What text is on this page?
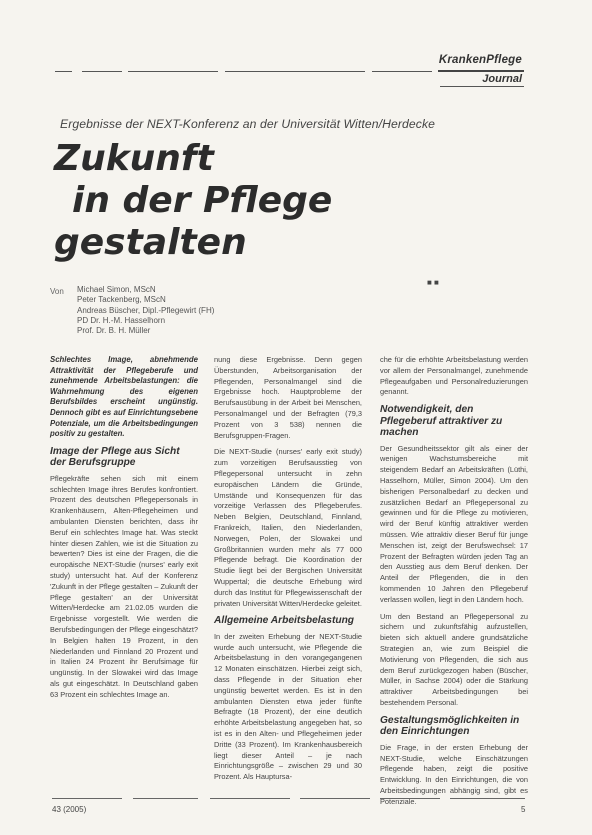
KrankenPflege
Journal
Ergebnisse der NEXT-Konferenz an der Universität Witten/Herdecke
Zukunft
in der Pflege
gestalten
■ ■
Von Michael Simon, MScN
Peter Tackenberg, MScN
Andreas Büscher, Dipl.-Pflegewirt (FH)
PD Dr. H.-M. Hasselhorn
Prof. Dr. B. H. Müller

Schlechtes Image, abnehmende Attraktivität der Pflegeberufe und zunehmende Arbeitsbelastungen: die Wahrnehmung des eigenen Berufsbildes erscheint ungünstig. Dennoch gibt es auf Einrichtungsebene Potenziale, um die Arbeitsbedingungen positiv zu gestalten.

Image der Pflege aus Sicht der Berufsgruppe

Pflegekräfte sehen sich mit einem schlechten Image ihres Berufes konfrontiert. Prozent des deutschen Pflegepersonals in Krankenhäusern, Alten-Pflegeheimen und ambulanten Diensten berichten, dass ihr Beruf ein schlechtes Image hat. Was steckt hinter diesen Zahlen, wie ist die Situation zu bewerten? Dies ist eine der Fragen, die die europäische NEXT-Studie (nurses' early exit study) untersucht hat. Auf der Konferenz 'Zukunft in der Pflege gestalten – Zukunft der Pflege gestalten' an der Universität Witten/Herdecke am 21.02.05 wurden die Ergebnisse vorgestellt. Wie werden die Berufsbedingungen der Pflege eingeschätzt? In Belgien halten 19 Prozent, in den Niederlanden und Finnland 20 Prozent und in Italien 24 Prozent ihr Berufsimage für ungünstig. In der Slowakei wird das Image als gut eingeschätzt. In Deutschland gaben 63 Prozent ein schlechtes Image an.

nung diese Ergebnisse. Denn gegen Überstunden, Arbeitsorganisation der Pflegenden, Personalmangel sind die Ergebnisse hoch. Hauptprobleme der Berufsausübung in der Arbeit bei Menschen, Personalmangel und der Befragten (79,3 Prozent von 3 538) nennen die Berufsgruppen-Fragen.

Die NEXT-Studie (nurses' early exit study) zum vorzeitigen Berufsausstieg von Pflegepersonal untersucht in zehn europäischen Ländern die Gründe, Umstände und Konsequenzen für das vorzeitige Verlassen des Pflegeberufes. Neben Belgien, Deutschland, Finnland, Frankreich, Italien, den Niederlanden, Norwegen, Polen, der Slowakei und Großbritannien wurden mehr als 77 000 Pflegende befragt. Die Koordination der Studie liegt bei der Bergischen Universität Wuppertal; die deutsche Erhebung wird durch das Institut für Pflegewissenschaft der privaten Universität Witten/Herdecke geleitet.

Allgemeine Arbeitsbelastung

In der zweiten Erhebung der NEXT-Studie wurde auch untersucht, wie Pflegende die Arbeitsbelastung in den vorangegangenen 12 Monaten einschätzen. Hierbei zeigt sich, dass Pflegende in der Situation eher ungünstig bewertet werden. Es ist in den ambulanten Diensten etwa jeder fünfte Befragte (18 Prozent), der eine deutlich erhöhte Arbeitsbelastung angegeben hat, so ist es in den Alten- und Pflegeheimen jeder Dritte (33 Prozent). Im Krankenhausbereich liegt dieser Anteil – je nach Einrichtungsgröße – zwischen 29 und 30 Prozent. Als Hauptursa-

che für die erhöhte Arbeitsbelastung werden vor allem der Personalmangel, zunehmende Pflegeaufgaben und Personalreduzierungen genannt.

Notwendigkeit, den Pflegeberuf attraktiver zu machen

Der Gesundheitssektor gilt als einer der wenigen Wachstumsbereiche mit steigendem Bedarf an Arbeitskräften (Lüthi, Hasselhorn, Müller, Simon 2004). Um den bisherigen Personalbedarf zu decken und zusätzlichen Bedarf an Pflegepersonal zu gewinnen und für die Pflege zu motivieren, wird der Beruf künftig attraktiver werden müssen. Wie attraktiv dieser Beruf für junge Menschen ist, zeigt der Berufswechsel: 17 Prozent der Befragten würden jeden Tag an den Ausstieg aus dem Beruf denken. Der Anteil der Pflegenden, die in den kommenden 10 Jahren den Pflegeberuf verlassen wollen, liegt in den Ländern hoch.

Um den Bestand an Pflegepersonal zu sichern und zukunftsfähig aufzustellen, bieten sich aktuell andere grundsätzliche Strategien an, wie zum Beispiel die Motivierung von Pflegenden, die sich aus dem Beruf zurückgezogen haben (Büscher, Müller, in Sachse 2004) oder die Stärkung attraktiver Arbeitsbedingungen bei bestehendem Personal.

Gestaltungsmöglichkeiten in den Einrichtungen

Die Frage, in der ersten Erhebung der NEXT-Studie, welche Einschätzungen Pflegende haben, zeigt die positive Entwicklung. In den Einrichtungen, die von Arbeitsbedingungen abhängig sind, gibt es Potenziale.

43 (2005)	5
